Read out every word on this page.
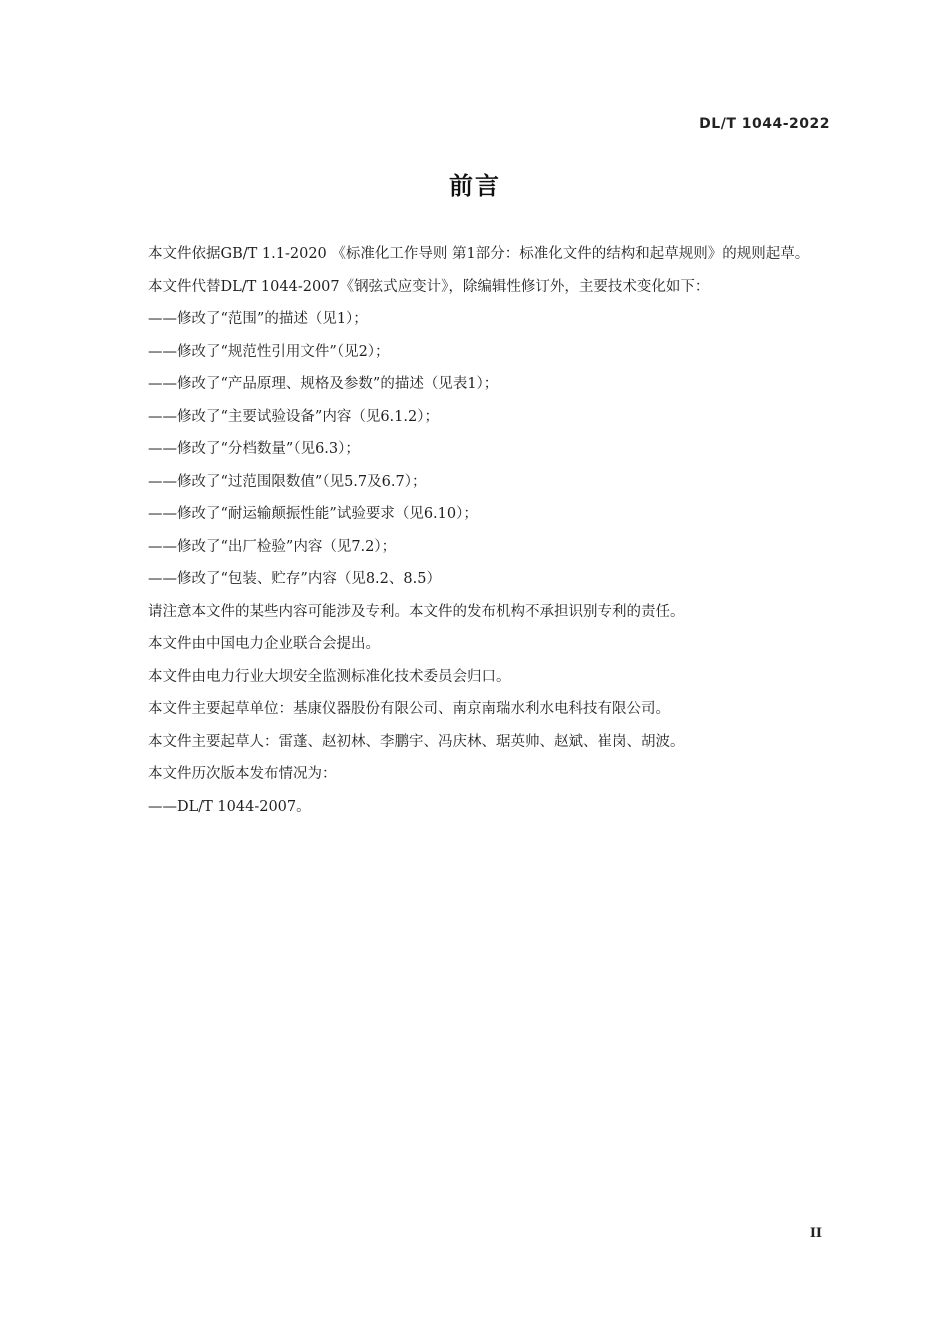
DL/T 1044-2022
前言

本文件依据GB/T 1.1-2020 《标准化工作导则 第1部分：标准化文件的结构和起草规则》的规则起草。

本文件代替DL/T 1044-2007《钢弦式应变计》，除编辑性修订外，主要技术变化如下：

——修改了“范围”的描述（见1）；
——修改了“规范性引用文件”（见2）；
——修改了“产品原理、规格及参数”的描述（见表1）；
——修改了“主要试验设备”内容（见6.1.2）；
——修改了“分档数量”（见6.3）；
——修改了“过范围限数值”（见5.7及6.7）；
——修改了“耐运输颠振性能”试验要求（见6.10）；
——修改了“出厂检验”内容（见7.2）；
——修改了“包装、贮存”内容（见8.2、8.5）

请注意本文件的某些内容可能涉及专利。本文件的发布机构不承担识别专利的责任。

本文件由中国电力企业联合会提出。

本文件由电力行业大坝安全监测标准化技术委员会归口。

本文件主要起草单位：基康仪器股份有限公司、南京南瑞水利水电科技有限公司。

本文件主要起草人：雷蓬、赵初林、李鹏宇、冯庆林、琚英帅、赵斌、崔岗、胡波。

本文件历次版本发布情况为：

——DL/T 1044-2007。
II
